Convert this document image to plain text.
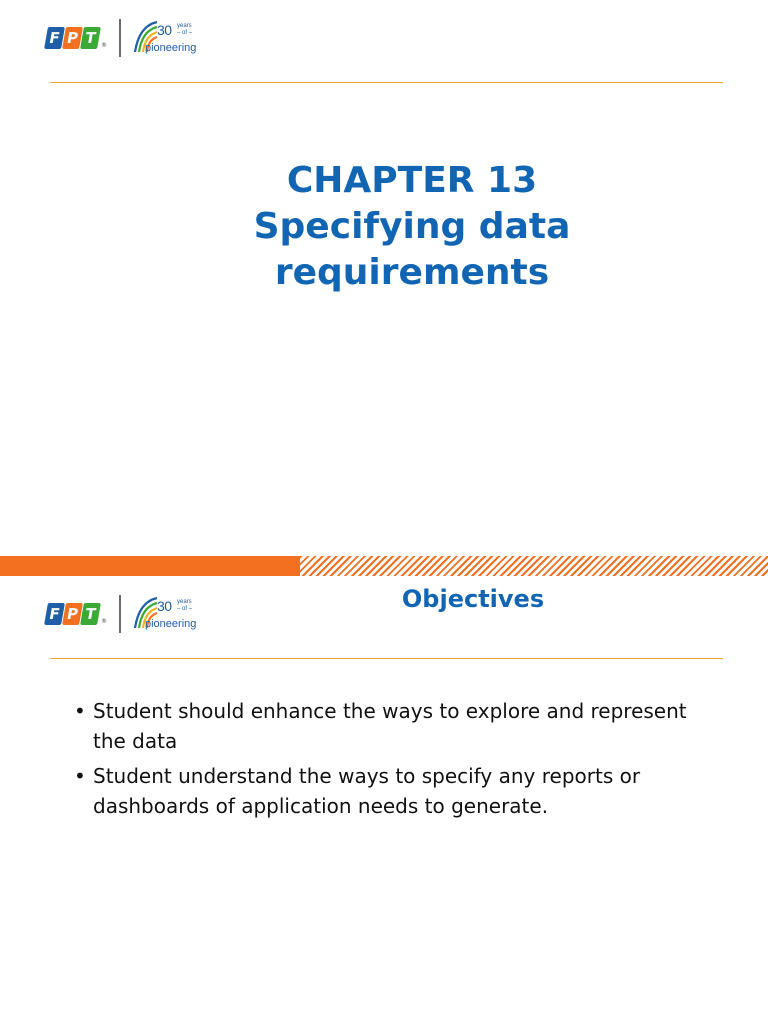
F P T ®
30 years
– of –
pioneering
CHAPTER 13
Specifying data
requirements
F P T ®
30 years
– of –
pioneering
Objectives
• Student should enhance the ways to explore and represent the data
• Student understand the ways to specify any reports or dashboards of application needs to generate.
